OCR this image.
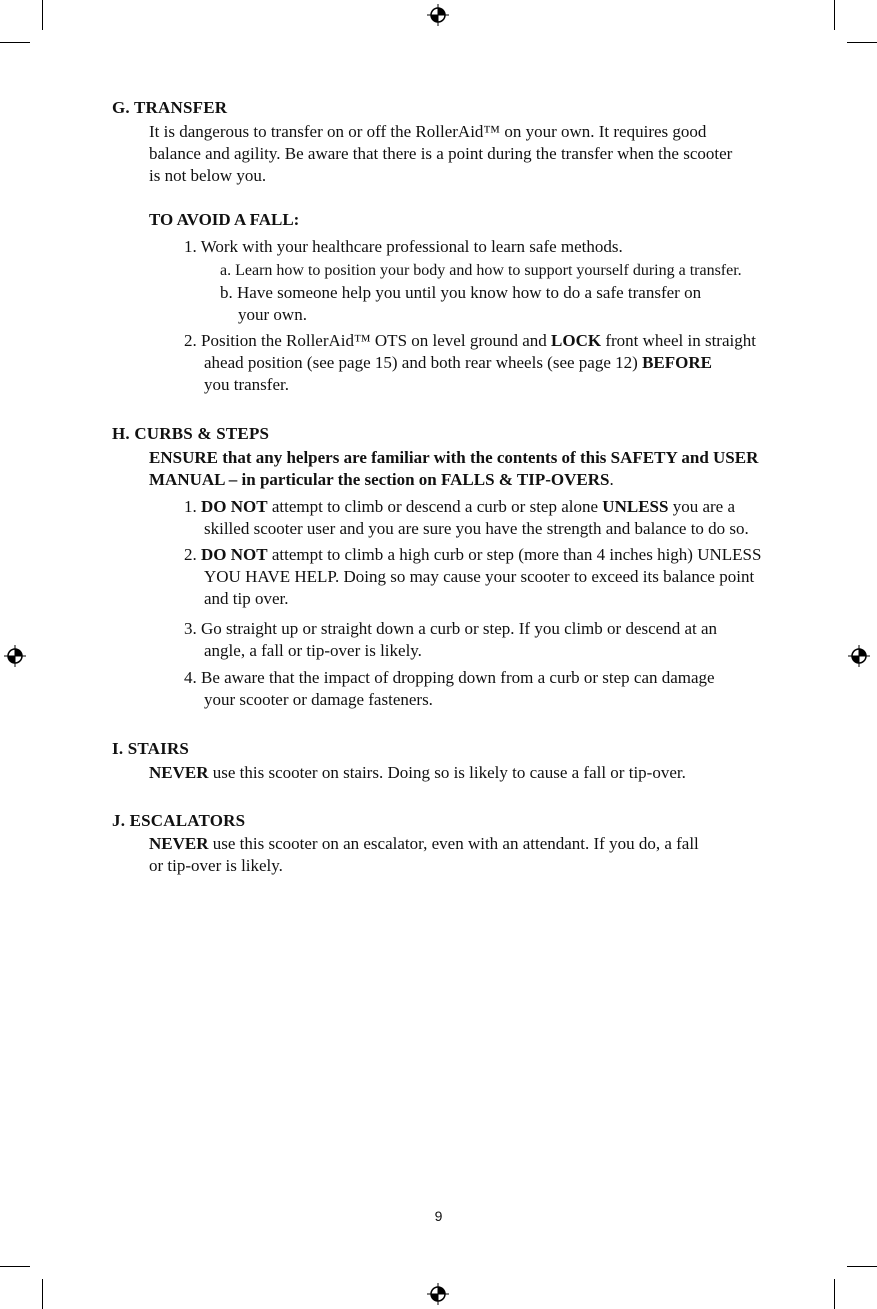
G. TRANSFER
It is dangerous to transfer on or off the RollerAid™ on your own. It requires good
balance and agility. Be aware that there is a point during the transfer when the scooter
is not below you.
TO AVOID A FALL:
1. Work with your healthcare professional to learn safe methods.
a. Learn how to position your body and how to support yourself during a transfer.
b. Have someone help you until you know how to do a safe transfer on
your own.
2. Position the RollerAid™ OTS on level ground and LOCK front wheel in straight
ahead position (see page 15) and both rear wheels (see page 12) BEFORE
you transfer.
H. CURBS & STEPS
ENSURE that any helpers are familiar with the contents of this SAFETY and USER
MANUAL – in particular the section on FALLS & TIP-OVERS.
1. DO NOT attempt to climb or descend a curb or step alone UNLESS you are a
skilled scooter user and you are sure you have the strength and balance to do so.
2. DO NOT attempt to climb a high curb or step (more than 4 inches high) UNLESS
YOU HAVE HELP. Doing so may cause your scooter to exceed its balance point
and tip over.
3. Go straight up or straight down a curb or step. If you climb or descend at an
angle, a fall or tip-over is likely.
4. Be aware that the impact of dropping down from a curb or step can damage
your scooter or damage fasteners.
I. STAIRS
NEVER use this scooter on stairs. Doing so is likely to cause a fall or tip-over.
J. ESCALATORS
NEVER use this scooter on an escalator, even with an attendant. If you do, a fall
or tip-over is likely.
9
